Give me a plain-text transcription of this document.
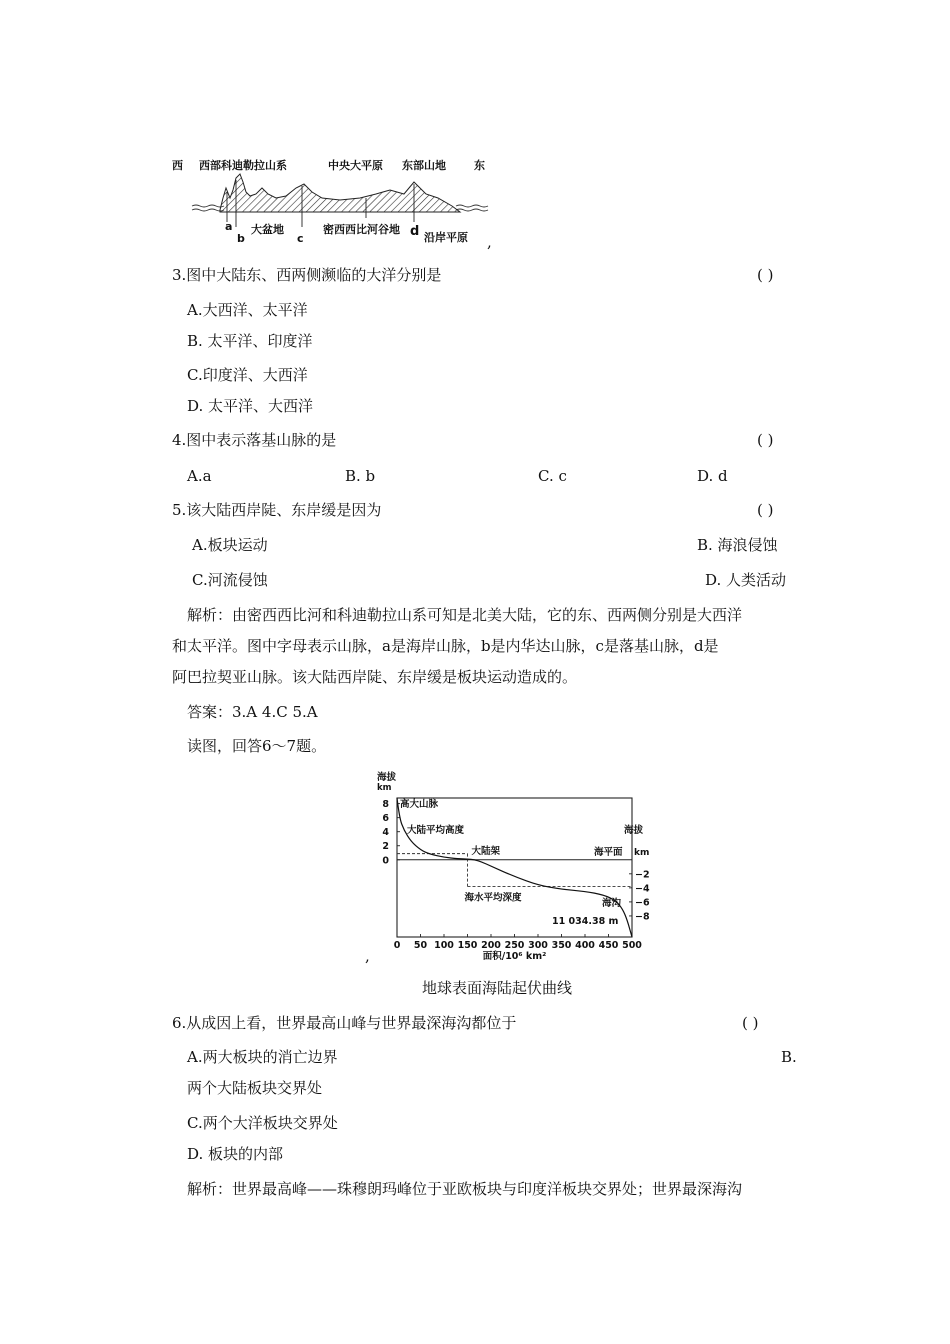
西 西部科迪勒拉山系	中央大平原 东部山地	东
a
b
大盆地
c
密西西比河谷地 d 沿岸平原 ,
3.图中大陆东、西两侧濒临的大洋分别是	( )
A.大西洋、太平洋
B. 太平洋、印度洋
C.印度洋、大西洋
D. 太平洋、大西洋
4.图中表示落基山脉的是	( )
A.a	B. b	C. c	D. d
5.该大陆西岸陡、东岸缓是因为	( )
A.板块运动	B. 海浪侵蚀
C.河流侵蚀	D. 人类活动
解析：由密西西比河和科迪勒拉山系可知是北美大陆，它的东、西两侧分别是大西洋
和太平洋。图中字母表示山脉，a是海岸山脉，b是内华达山脉，c是落基山脉，d是
阿巴拉契亚山脉。该大陆西岸陡、东岸缓是板块运动造成的。
答案：3.A 4.C 5.A
读图，回答6～7题。
海拔
km
0 50 100 150 200 250 300 350 400 450 500
0
2
4
6
8
−2
−4
−6
−8
高大山脉
大陆平均高度
大陆架	海平面
海水平均深度	海沟
11 034.38 m
海拔
km
面积/10⁶ km²
,
地球表面海陆起伏曲线
6.从成因上看，世界最高山峰与世界最深海沟都位于	( )
A.两大板块的消亡边界	B.
两个大陆板块交界处
C.两个大洋板块交界处
D. 板块的内部
解析：世界最高峰——珠穆朗玛峰位于亚欧板块与印度洋板块交界处；世界最深海沟
